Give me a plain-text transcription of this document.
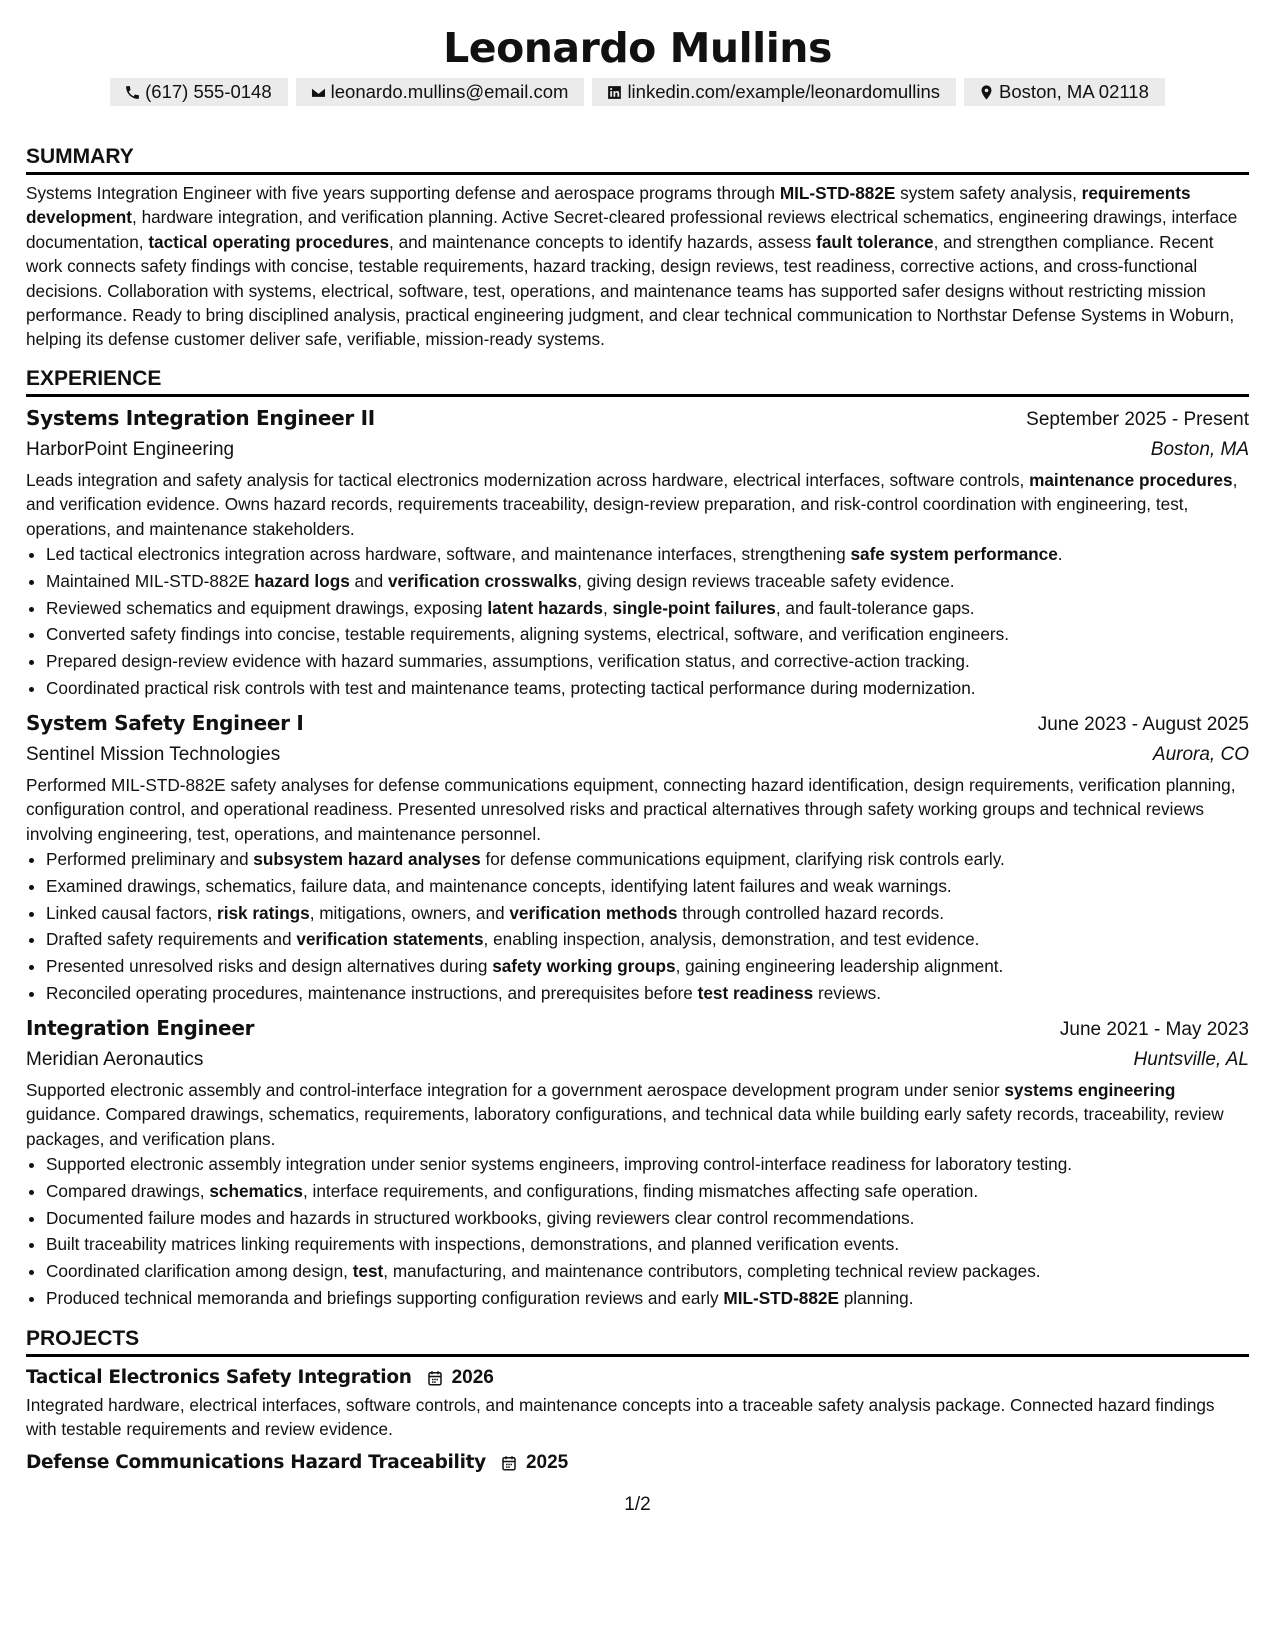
Leonardo Mullins
(617) 555-0148	leonardo.mullins@email.com	linkedin.com/example/leonardomullins	Boston, MA 02118
SUMMARY

Systems Integration Engineer with five years supporting defense and aerospace programs through MIL-STD-882E system safety analysis, requirements development, hardware integration, and verification planning. Active Secret-cleared professional reviews electrical schematics, engineering drawings, interface documentation, tactical operating procedures, and maintenance concepts to identify hazards, assess fault tolerance, and strengthen compliance. Recent work connects safety findings with concise, testable requirements, hazard tracking, design reviews, test readiness, corrective actions, and cross-functional decisions. Collaboration with systems, electrical, software, test, operations, and maintenance teams has supported safer designs without restricting mission performance. Ready to bring disciplined analysis, practical engineering judgment, and clear technical communication to Northstar Defense Systems in Woburn, helping its defense customer deliver safe, verifiable, mission-ready systems.

EXPERIENCE
Systems Integration Engineer II	September 2025 - Present
HarborPoint Engineering	Boston, MA

Leads integration and safety analysis for tactical electronics modernization across hardware, electrical interfaces, software controls, maintenance procedures, and verification evidence. Owns hazard records, requirements traceability, design-review preparation, and risk-control coordination with engineering, test, operations, and maintenance stakeholders.

• Led tactical electronics integration across hardware, software, and maintenance interfaces, strengthening safe system performance.
• Maintained MIL-STD-882E hazard logs and verification crosswalks, giving design reviews traceable safety evidence.
• Reviewed schematics and equipment drawings, exposing latent hazards, single-point failures, and fault-tolerance gaps.
• Converted safety findings into concise, testable requirements, aligning systems, electrical, software, and verification engineers.
• Prepared design-review evidence with hazard summaries, assumptions, verification status, and corrective-action tracking.
• Coordinated practical risk controls with test and maintenance teams, protecting tactical performance during modernization.
System Safety Engineer I	June 2023 - August 2025
Sentinel Mission Technologies	Aurora, CO

Performed MIL-STD-882E safety analyses for defense communications equipment, connecting hazard identification, design requirements, verification planning, configuration control, and operational readiness. Presented unresolved risks and practical alternatives through safety working groups and technical reviews involving engineering, test, operations, and maintenance personnel.

• Performed preliminary and subsystem hazard analyses for defense communications equipment, clarifying risk controls early.
• Examined drawings, schematics, failure data, and maintenance concepts, identifying latent failures and weak warnings.
• Linked causal factors, risk ratings, mitigations, owners, and verification methods through controlled hazard records.
• Drafted safety requirements and verification statements, enabling inspection, analysis, demonstration, and test evidence.
• Presented unresolved risks and design alternatives during safety working groups, gaining engineering leadership alignment.
• Reconciled operating procedures, maintenance instructions, and prerequisites before test readiness reviews.
Integration Engineer	June 2021 - May 2023
Meridian Aeronautics	Huntsville, AL

Supported electronic assembly and control-interface integration for a government aerospace development program under senior systems engineering guidance. Compared drawings, schematics, requirements, laboratory configurations, and technical data while building early safety records, traceability, review packages, and verification plans.

• Supported electronic assembly integration under senior systems engineers, improving control-interface readiness for laboratory testing.
• Compared drawings, schematics, interface requirements, and configurations, finding mismatches affecting safe operation.
• Documented failure modes and hazards in structured workbooks, giving reviewers clear control recommendations.
• Built traceability matrices linking requirements with inspections, demonstrations, and planned verification events.
• Coordinated clarification among design, test, manufacturing, and maintenance contributors, completing technical review packages.
• Produced technical memoranda and briefings supporting configuration reviews and early MIL-STD-882E planning.
PROJECTS
Tactical Electronics Safety Integration 2026

Integrated hardware, electrical interfaces, software controls, and maintenance concepts into a traceable safety analysis package. Connected hazard findings with testable requirements and review evidence.

Defense Communications Hazard Traceability 2025

1/2
